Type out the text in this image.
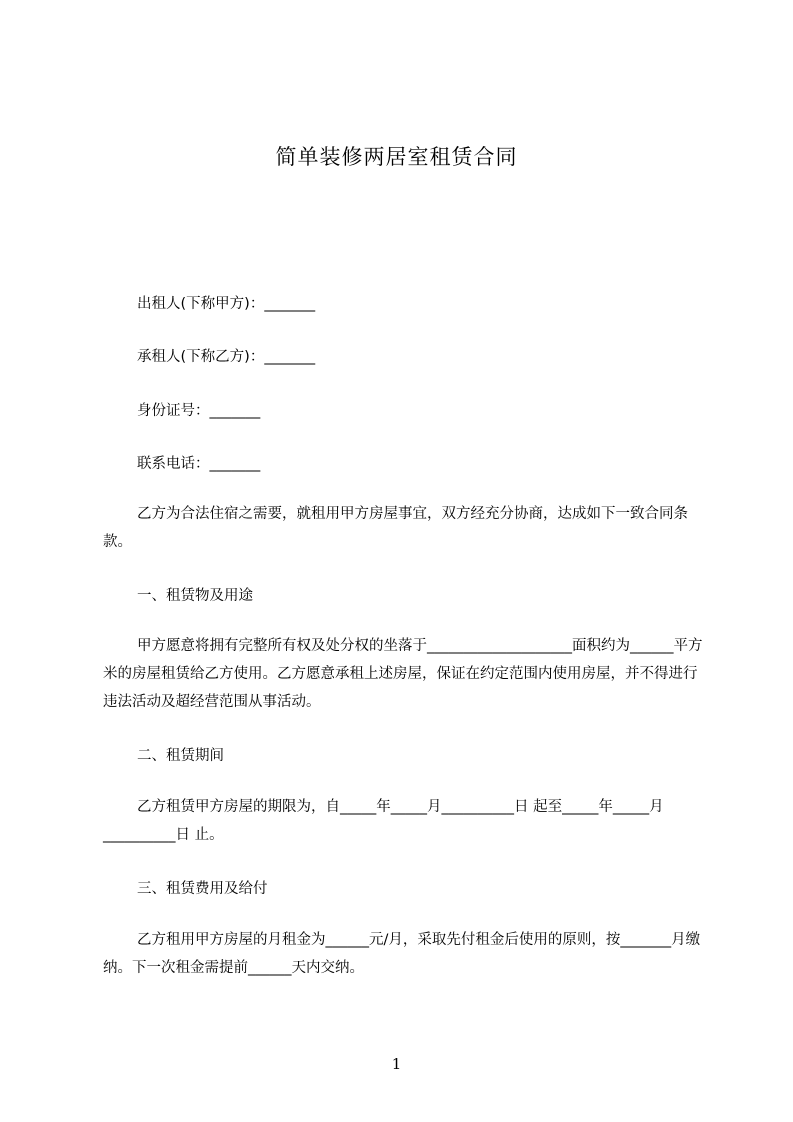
简单装修两居室租赁合同

出租人(下称甲方)：_______

承租人(下称乙方)：_______

身份证号：_______

联系电话：_______

乙方为合法住宿之需要，就租用甲方房屋事宜，双方经充分协商，达成如下一致合同条款。

一、租赁物及用途

甲方愿意将拥有完整所有权及处分权的坐落于____________________面积约为______平方米的房屋租赁给乙方使用。乙方愿意承租上述房屋，保证在约定范围内使用房屋，并不得进行违法活动及超经营范围从事活动。

二、租赁期间

乙方租赁甲方房屋的期限为，自_____年_____月__________日 起至_____年_____月__________日 止。

三、租赁费用及给付

乙方租用甲方房屋的月租金为______元/月，采取先付租金后使用的原则，按_______月缴纳。下一次租金需提前______天内交纳。

1
